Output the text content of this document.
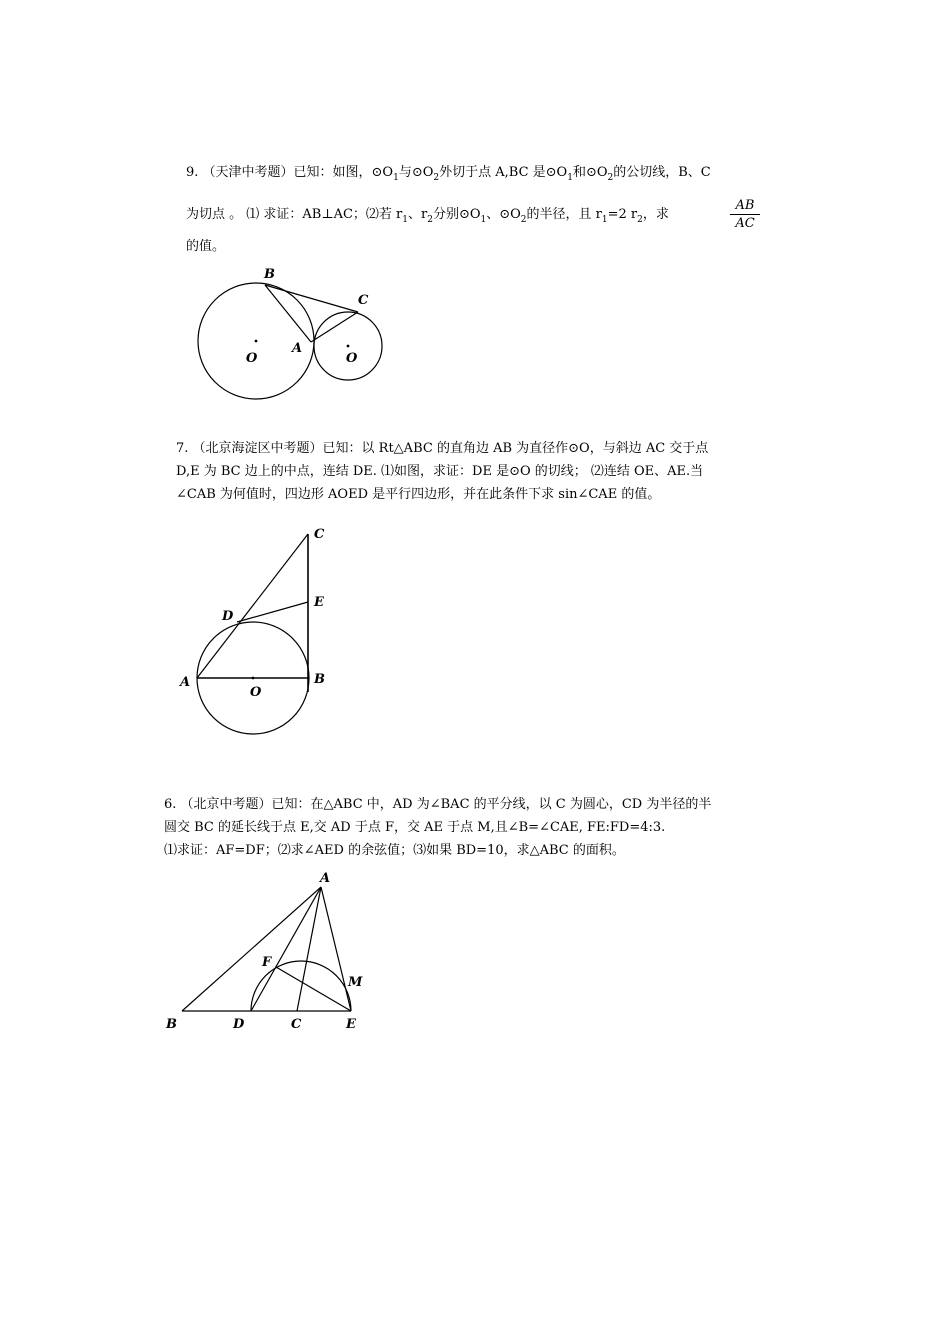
9. （天津中考题）已知：如图，$⊙O_1$与$⊙O_2$外切于点 A,BC 是$⊙O_1$和$⊙O_2$的公切线，B、C
为切点 。 ⑴ 求证：AB⊥AC；⑵若 $r_1$、$r_2$分别$⊙O_1$、$⊙O_2$的半径，且 $r_1=2$ $r_2$，求
AB
AC
的值。
7. （北京海淀区中考题）已知：以 Rt△ABC 的直角边 AB 为直径作⊙O，与斜边 AC 交于点
D,E 为 BC 边上的中点，连结 DE. ⑴如图，求证：DE 是⊙O 的切线； ⑵连结 OE、AE.当
∠CAB 为何值时，四边形 AOED 是平行四边形，并在此条件下求 sin∠CAE 的值。
6. （北京中考题）已知：在△ABC 中，AD 为∠BAC 的平分线，以 C 为圆心，CD 为半径的半
圆交 BC 的延长线于点 E,交 AD 于点 F，交 AE 于点 M,且∠B=∠CAE, FE:FD=4:3.
⑴求证：AF=DF；⑵求∠AED 的余弦值；⑶如果 BD=10，求△ABC 的面积。
B
C
A
O	O
C
E
D
A
O
B
A
F
M
B	D	C	E
